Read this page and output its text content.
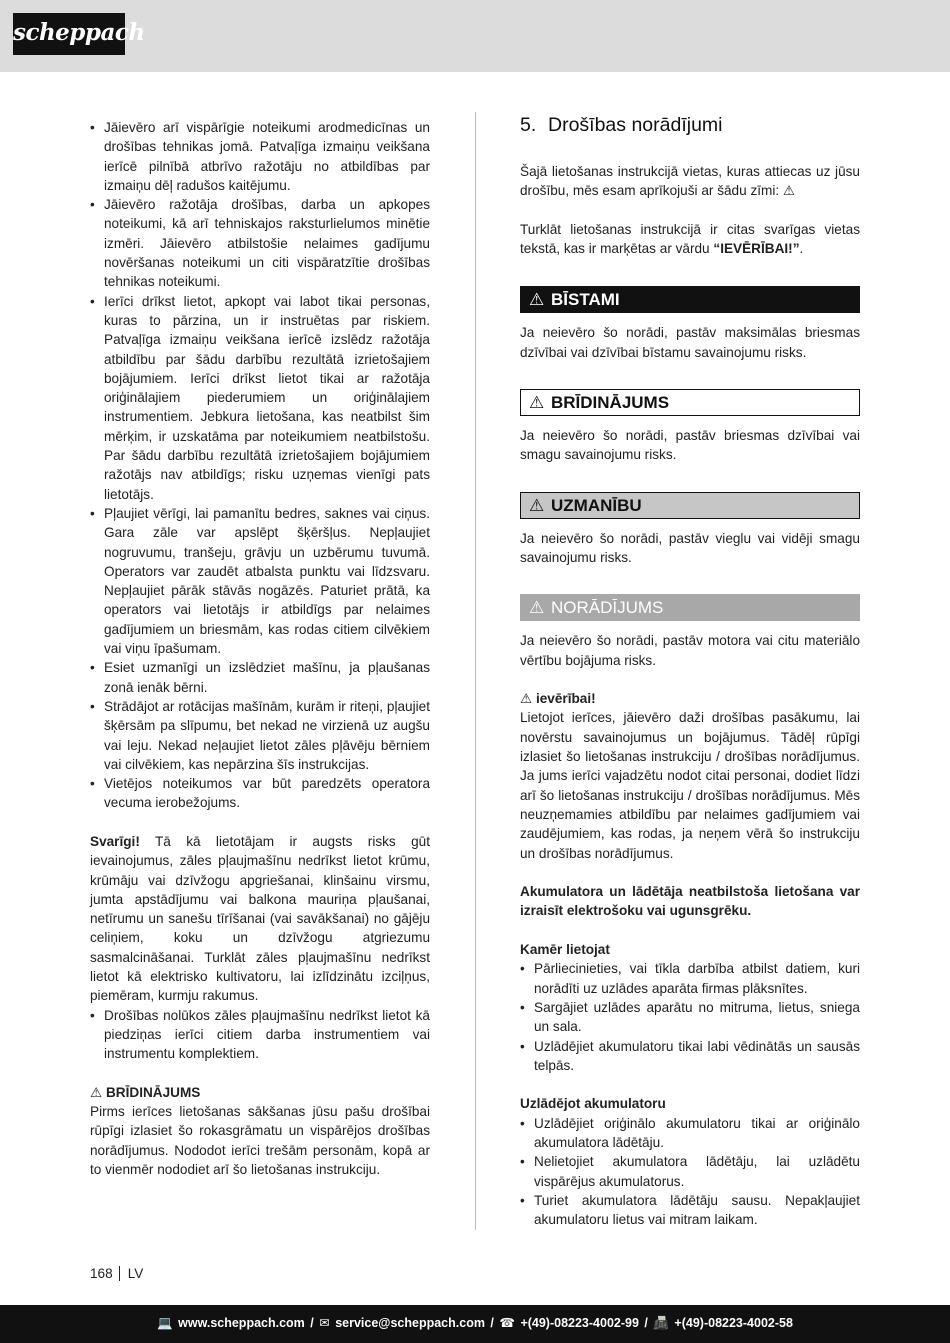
scheppach
• Jāievēro arī vispārīgie noteikumi arodmedicīnas un drošības tehnikas jomā. Patvaļīga izmaiņu veikšana ierīcē pilnībā atbrīvo ražotāju no atbildības par izmaiņu dēļ radušos kaitējumu.
• Jāievēro ražotāja drošības, darba un apkopes noteikumi, kā arī tehniskajos raksturlielumos minētie izmēri. Jāievēro atbilstošie nelaimes gadījumu novēršanas noteikumi un citi vispāratzītie drošības tehnikas noteikumi.
• Ierīci drīkst lietot, apkopt vai labot tikai personas, kuras to pārzina, un ir instruētas par riskiem. Patvaļīga izmaiņu veikšana ierīcē izslēdz ražotāja atbildību par šādu darbību rezultātā izrietošajiem bojājumiem. Ierīci drīkst lietot tikai ar ražotāja oriģinālajiem piederumiem un oriģinālajiem instrumentiem. Jebkura lietošana, kas neatbilst šim mērķim, ir uzskatāma par noteikumiem neatbilstošu. Par šādu darbību rezultātā izrietošajiem bojājumiem ražotājs nav atbildīgs; risku uzņemas vienīgi pats lietotājs.
• Pļaujiet vērīgi, lai pamanītu bedres, saknes vai ciņus. Gara zāle var apslēpt šķēršļus. Nepļaujiet nogruvumu, tranšeju, grāvju un uzbērumu tuvumā. Operators var zaudēt atbalsta punktu vai līdzsvaru. Nepļaujiet pārāk stāvās nogāzēs. Paturiet prātā, ka operators vai lietotājs ir atbildīgs par nelaimes gadījumiem un briesmām, kas rodas citiem cilvēkiem vai viņu īpašumam.
• Esiet uzmanīgi un izslēdziet mašīnu, ja pļaušanas zonā ienāk bērni.
• Strādājot ar rotācijas mašīnām, kurām ir riteņi, pļaujiet šķērsām pa slīpumu, bet nekad ne virzienā uz augšu vai leju. Nekad neļaujiet lietot zāles pļāvēju bērniem vai cilvēkiem, kas nepārzina šīs instrukcijas.
• Vietējos noteikumos var būt paredzēts operatora vecuma ierobežojums.

Svarīgi! Tā kā lietotājam ir augsts risks gūt ievainojumus, zāles pļaujmašīnu nedrīkst lietot krūmu, krūmāju vai dzīvžogu apgriešanai, klinšainu virsmu, jumta apstādījumu vai balkona mauriņa pļaušanai, netīrumu un sanešu tīrīšanai (vai savākšanai) no gājēju celiņiem, koku un dzīvžogu atgriezumu sasmalcināšanai. Turklāt zāles pļaujmašīnu nedrīkst lietot kā elektrisko kultivatoru, lai izlīdzinātu izciļņus, piemēram, kurmju rakumus.

• Drošības nolūkos zāles pļaujmašīnu nedrīkst lietot kā piedziņas ierīci citiem darba instrumentiem vai instrumentu komplektiem.

⚠ BRĪDINĀJUMS

Pirms ierīces lietošanas sākšanas jūsu pašu drošībai rūpīgi izlasiet šo rokasgrāmatu un vispārējos drošības norādījumus. Nododot ierīci trešām personām, kopā ar to vienmēr nododiet arī šo lietošanas instrukciju.

5. Drošības norādījumi

Šajā lietošanas instrukcijā vietas, kuras attiecas uz jūsu drošību, mēs esam aprīkojuši ar šādu zīmi: ⚠

Turklāt lietošanas instrukcijā ir citas svarīgas vietas tekstā, kas ir marķētas ar vārdu “IEVĒRĪBAI!”.

⚠ BĪSTAMI

Ja neievēro šo norādi, pastāv maksimālas briesmas dzīvībai vai dzīvībai bīstamu savainojumu risks.

⚠ BRĪDINĀJUMS

Ja neievēro šo norādi, pastāv briesmas dzīvībai vai smagu savainojumu risks.

⚠ UZMANĪBU

Ja neievēro šo norādi, pastāv vieglu vai vidēji smagu savainojumu risks.

⚠ NORĀDĪJUMS

Ja neievēro šo norādi, pastāv motora vai citu materiālo vērtību bojājuma risks.

⚠ ievērībai!

Lietojot ierīces, jāievēro daži drošības pasākumu, lai novērstu savainojumus un bojājumus. Tādēļ rūpīgi izlasiet šo lietošanas instrukciju / drošības norādījumus. Ja jums ierīci vajadzētu nodot citai personai, dodiet līdzi arī šo lietošanas instrukciju / drošības norādījumus. Mēs neuzņemamies atbildību par nelaimes gadījumiem vai zaudējumiem, kas rodas, ja neņem vērā šo instrukciju un drošības norādījumus.

Akumulatora un lādētāja neatbilstoša lietošana var izraisīt elektrošoku vai ugunsgrēku.

Kamēr lietojat

• Pārliecinieties, vai tīkla darbība atbilst datiem, kuri norādīti uz uzlādes aparāta firmas plāksnītes.
• Sargājiet uzlādes aparātu no mitruma, lietus, sniega un sala.
• Uzlādējiet akumulatoru tikai labi vēdinātās un sausās telpās.

Uzlādējot akumulatoru

• Uzlādējiet oriģinālo akumulatoru tikai ar oriģinālo akumulatora lādētāju.
• Nelietojiet akumulatora lādētāju, lai uzlādētu vispārējus akumulatorus.
• Turiet akumulatora lādētāju sausu. Nepakļaujiet akumulatoru lietus vai mitram laikam.
168 LV
💻 www.scheppach.com / ✉ service@scheppach.com / ☎ +(49)-08223-4002-99 / 📠 +(49)-08223-4002-58
